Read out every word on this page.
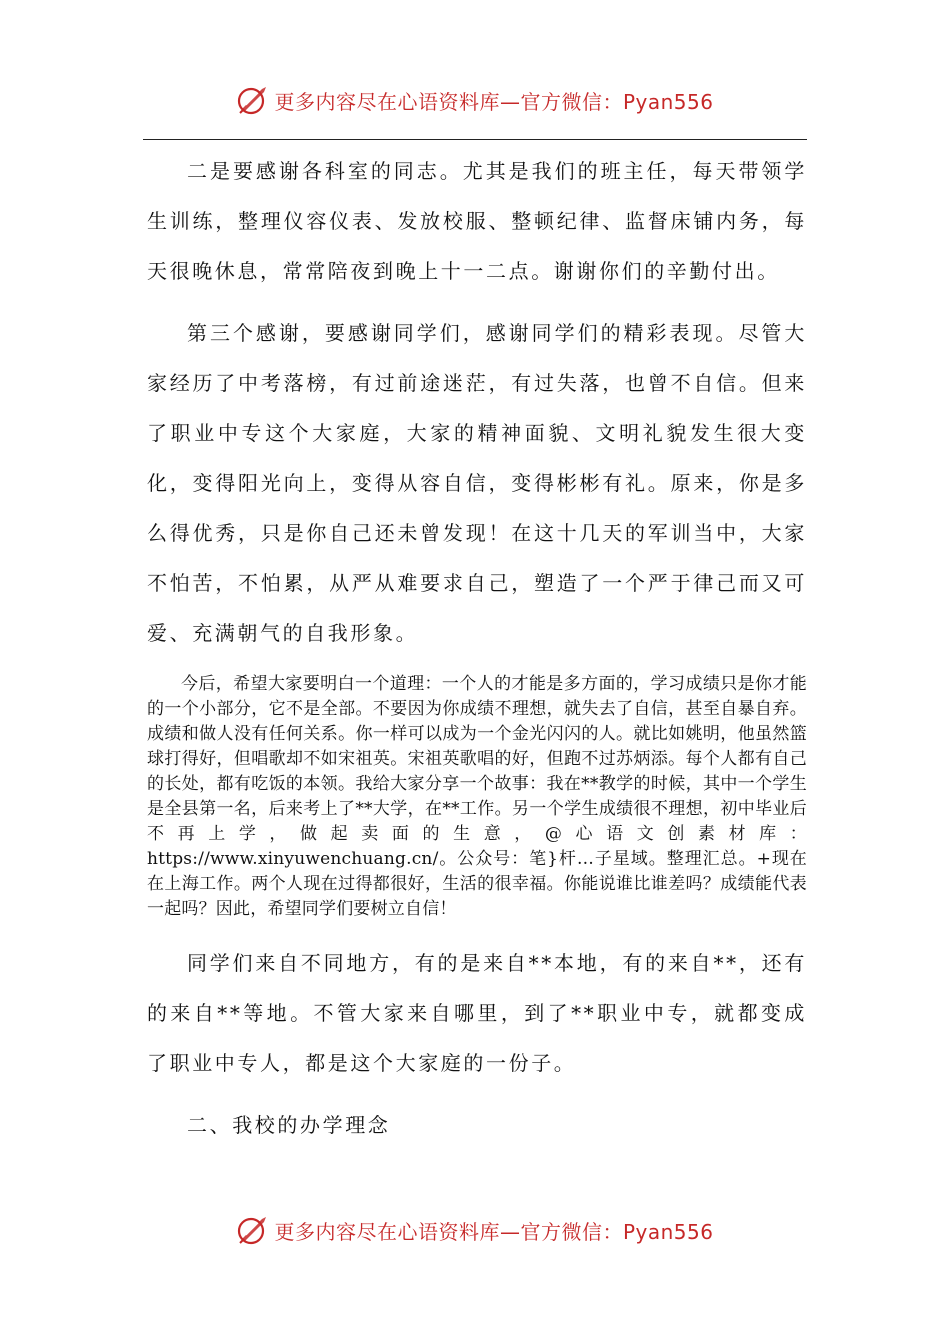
更多内容尽在心语资料库—官方微信：Pyan556

二是要感谢各科室的同志。尤其是我们的班主任，每天带领学生训练，整理仪容仪表、发放校服、整顿纪律、监督床铺内务，每天很晚休息，常常陪夜到晚上十一二点。谢谢你们的辛勤付出。

第三个感谢，要感谢同学们，感谢同学们的精彩表现。尽管大家经历了中考落榜，有过前途迷茫，有过失落，也曾不自信。但来了职业中专这个大家庭，大家的精神面貌、文明礼貌发生很大变化，变得阳光向上，变得从容自信，变得彬彬有礼。原来，你是多么得优秀，只是你自己还未曾发现！在这十几天的军训当中，大家不怕苦，不怕累，从严从难要求自己，塑造了一个严于律己而又可爱、充满朝气的自我形象。

今后，希望大家要明白一个道理：一个人的才能是多方面的，学习成绩只是你才能的一个小部分，它不是全部。不要因为你成绩不理想，就失去了自信，甚至自暴自弃。成绩和做人没有任何关系。你一样可以成为一个金光闪闪的人。就比如姚明，他虽然篮球打得好，但唱歌却不如宋祖英。宋祖英歌唱的好，但跑不过苏炳添。每个人都有自己的长处，都有吃饭的本领。我给大家分享一个故事：我在**教学的时候，其中一个学生是全县第一名，后来考上了**大学，在**工作。另一个学生成绩很不理想，初中毕业后不再上学，做起卖面的生意，@心语文创素材库：https://www.xinyuwenchuang.cn/。公众号：笔}杆…子星域。整理汇总。+现在在上海工作。两个人现在过得都很好，生活的很幸福。你能说谁比谁差吗？成绩能代表一起吗？因此，希望同学们要树立自信！

同学们来自不同地方，有的是来自**本地，有的来自**，还有的来自**等地。不管大家来自哪里，到了**职业中专，就都变成了职业中专人，都是这个大家庭的一份子。

二、我校的办学理念

更多内容尽在心语资料库—官方微信：Pyan556
